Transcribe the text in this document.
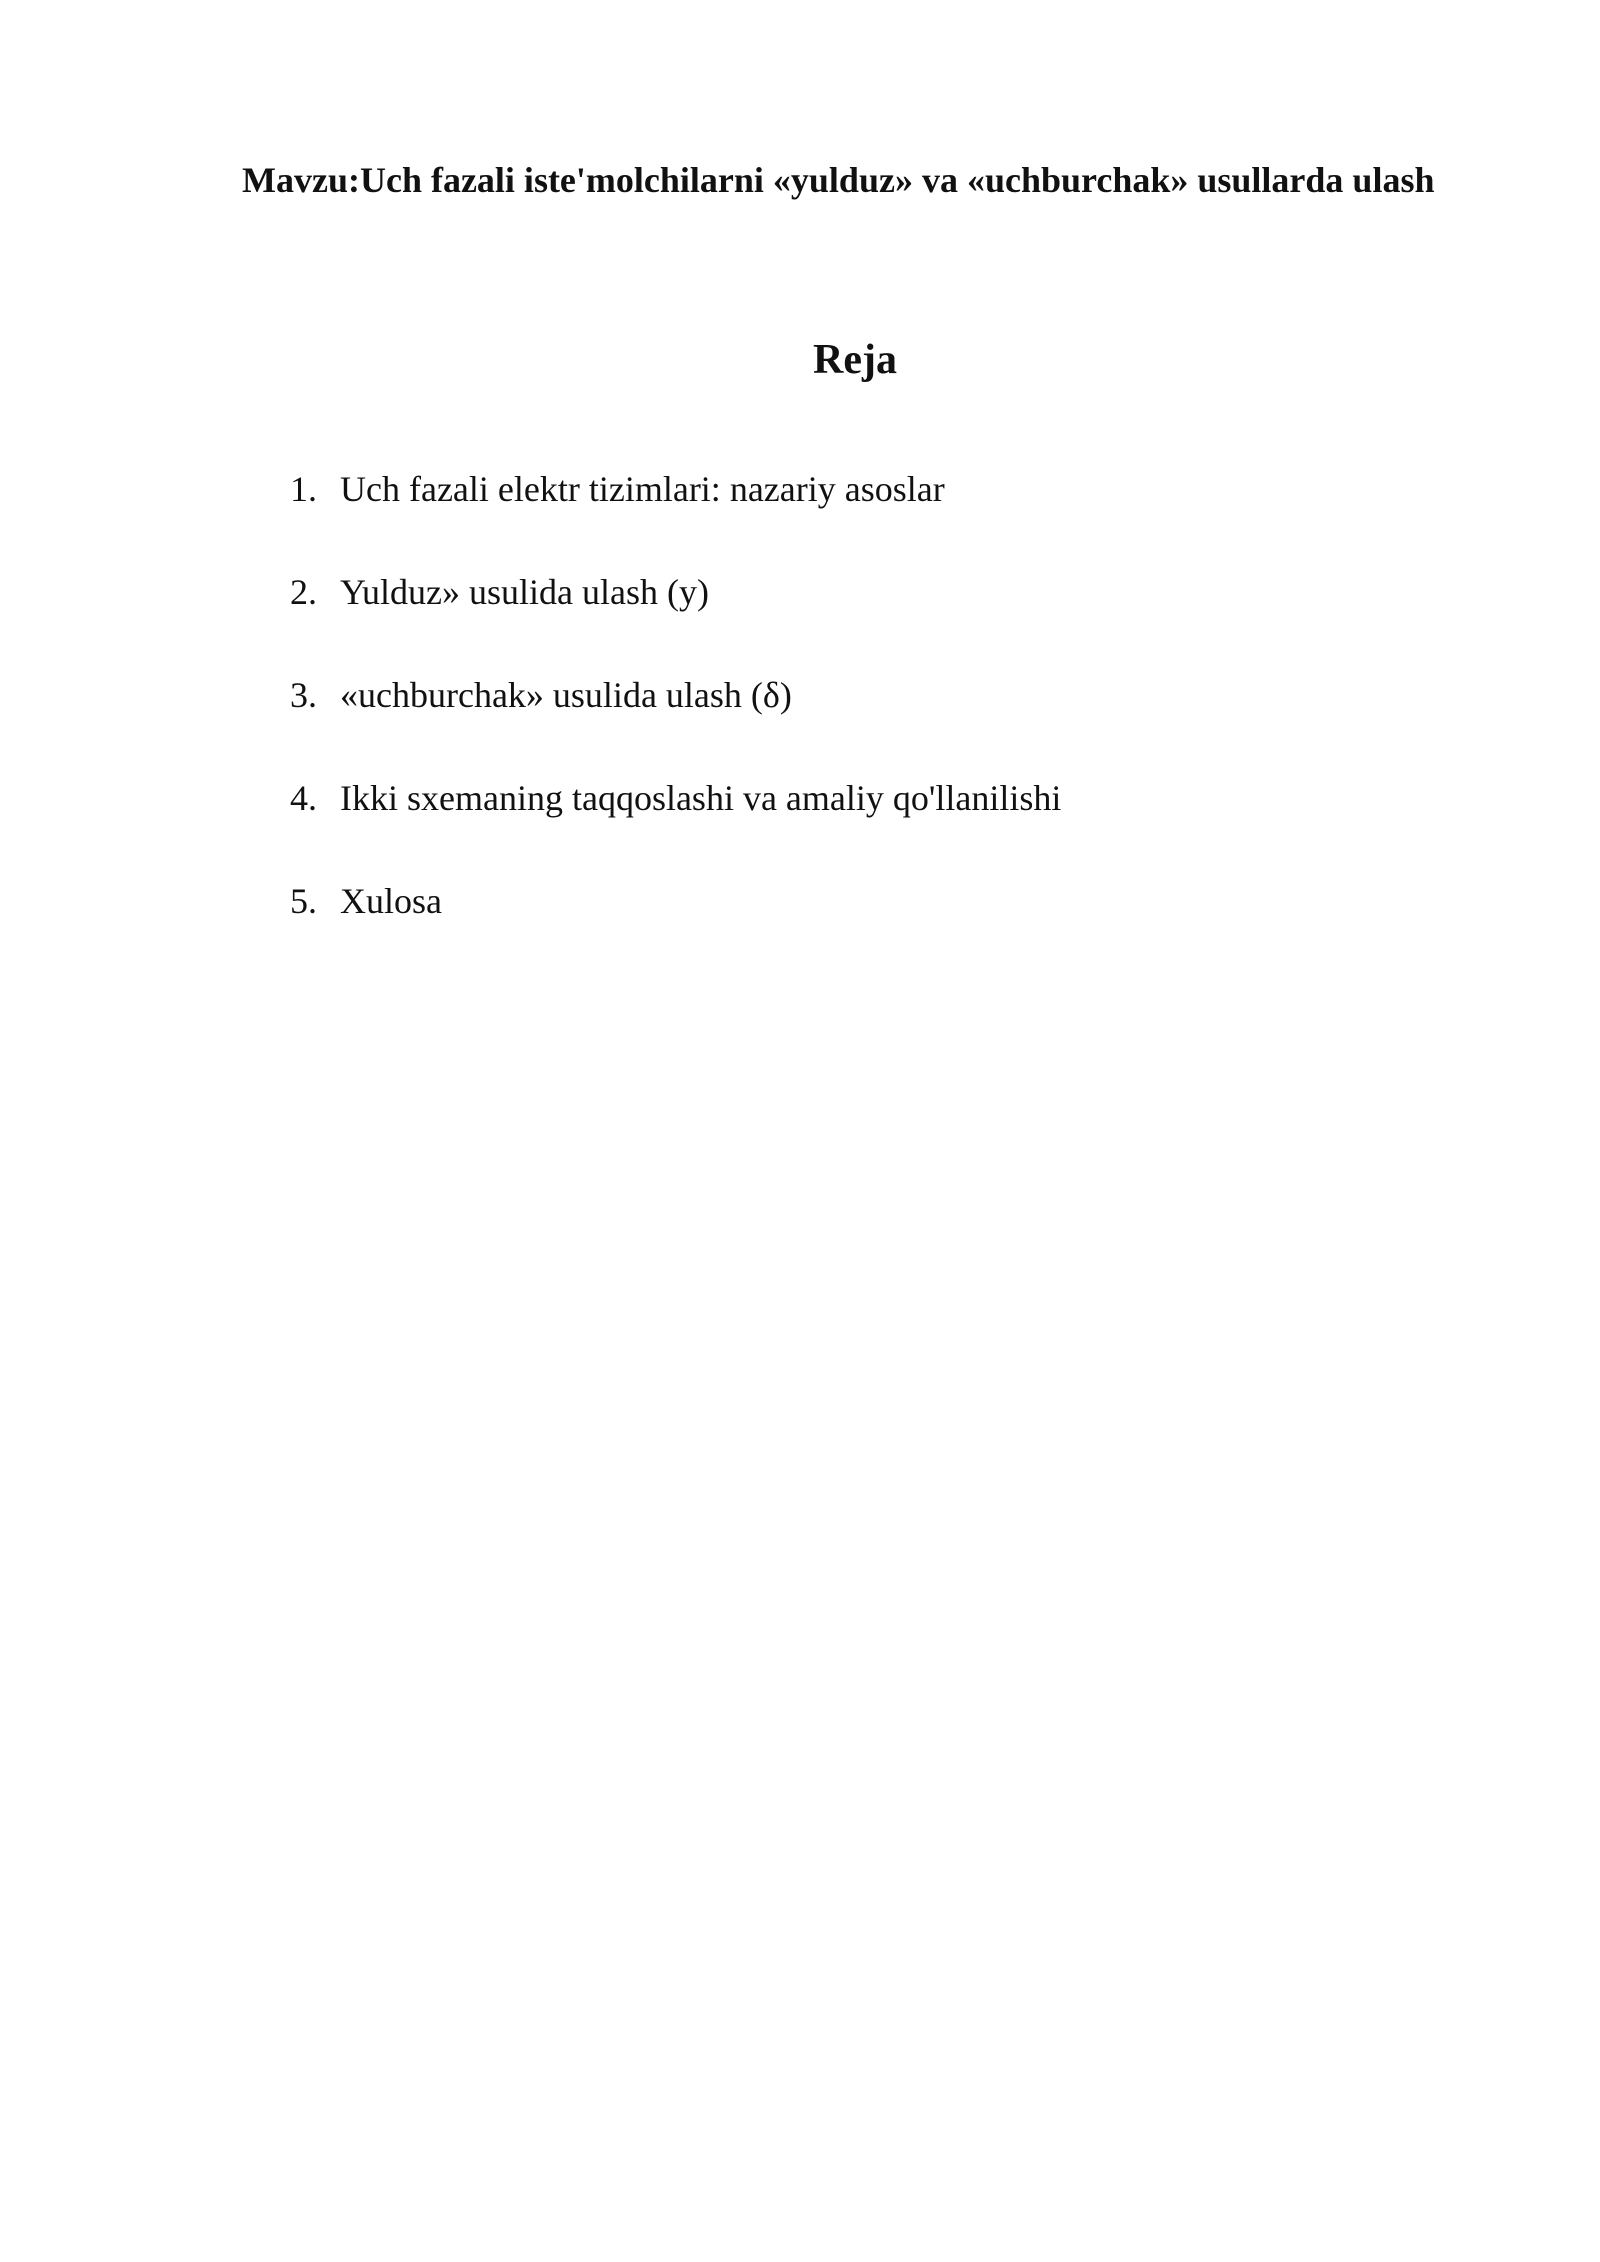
Mavzu:Uch fazali iste'molchilarni «yulduz» va «uchburchak» usullarda ulash

Reja
1. Uch fazali elektr tizimlari: nazariy asoslar
2. Yulduz» usulida ulash (y)
3. «uchburchak» usulida ulash (δ)
4. Ikki sxemaning taqqoslashi va amaliy qo'llanilishi
5. Xulosa
